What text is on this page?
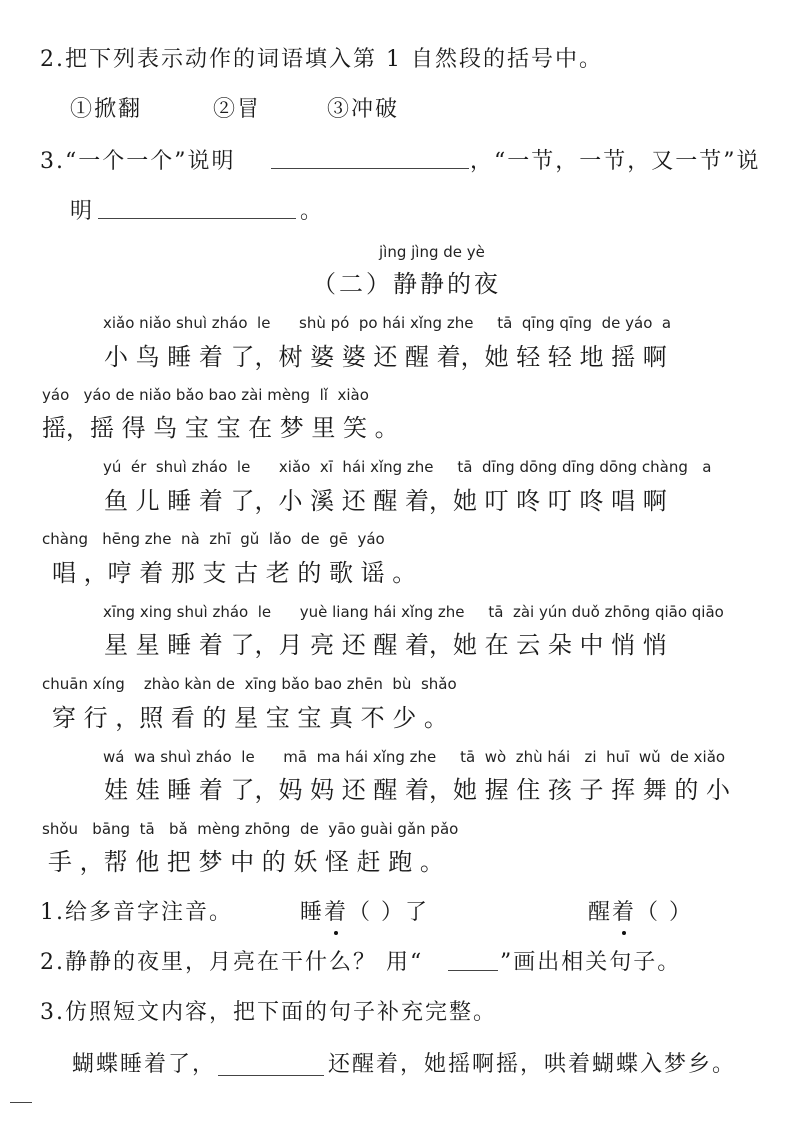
2.把下列表示动作的词语填入第 1 自然段的括号中。
①掀翻	②冒	③冲破
3.“一个一个”说明	，“一节，一节，又一节”说
明	。
jìng jìng de yè
（二）静静的夜
xiǎo niǎo shuì zháo  le      shù pó  po hái xǐng zhe     tā  qīng qīng  de yáo  a
小 鸟 睡 着 了，树 婆 婆 还 醒 着，她 轻 轻 地 摇 啊
yáo   yáo de niǎo bǎo bao zài mèng  lǐ  xiào
摇，摇 得 鸟 宝 宝 在 梦 里 笑 。
yú  ér  shuì zháo  le      xiǎo  xī  hái xǐng zhe     tā  dīng dōng dīng dōng chàng   a
鱼 儿 睡 着 了，小 溪 还 醒 着，她 叮 咚 叮 咚 唱 啊
chàng   hēng zhe  nà  zhī  gǔ  lǎo  de  gē  yáo
唱 ，哼 着 那 支 古 老 的 歌 谣 。
xīng xing shuì zháo  le      yuè liang hái xǐng zhe     tā  zài yún duǒ zhōng qiāo qiāo
星 星 睡 着 了，月 亮 还 醒 着，她 在 云 朵 中 悄 悄
chuān xíng    zhào kàn de  xīng bǎo bao zhēn  bù  shǎo
穿 行 ，照 看 的 星 宝 宝 真 不 少 。
wá  wa shuì zháo  le      mā  ma hái xǐng zhe     tā  wò  zhù hái   zi  huī  wǔ  de xiǎo
娃 娃 睡 着 了，妈 妈 还 醒 着，她 握 住 孩 子 挥 舞 的 小
shǒu   bāng  tā   bǎ  mèng zhōng  de  yāo guài gǎn pǎo
手 ，帮 他 把 梦 中 的 妖 怪 赶 跑 。
1.给多音字注音。	睡着（ ）了	醒着（ ）
2.静静的夜里，月亮在干什么？ 用“	”画出相关句子。
3.仿照短文内容，把下面的句子补充完整。
蝴蝶睡着了，	还醒着，她摇啊摇，哄着蝴蝶入梦乡。
